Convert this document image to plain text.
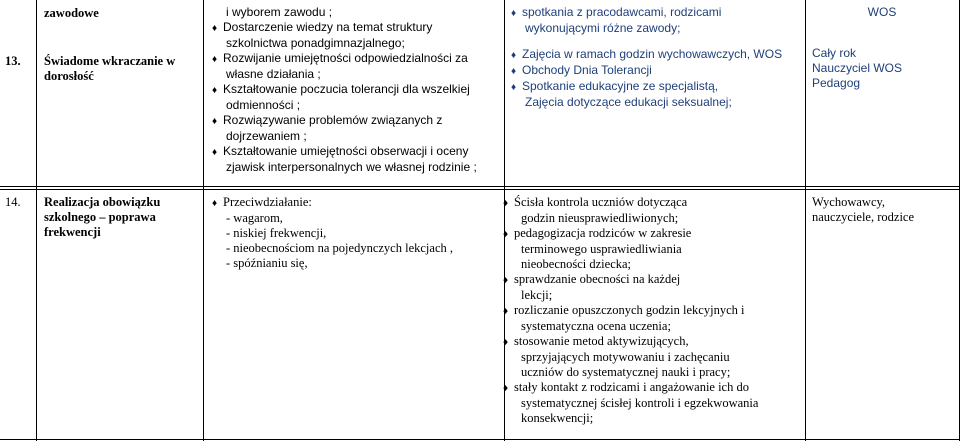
13.
zawodowe
Świadome wkraczanie w
dorosłość
i wyborem zawodu ;
♦ Dostarczenie wiedzy na temat struktury
szkolnictwa ponadgimnazjalnego;
♦ Rozwijanie umiejętności odpowiedzialności za
własne działania ;
♦ Kształtowanie poczucia tolerancji dla wszelkiej
odmienności ;
♦ Rozwiązywanie problemów związanych z
dojrzewaniem ;
♦ Kształtowanie umiejętności obserwacji i oceny
zjawisk interpersonalnych we własnej rodzinie ;
♦ spotkania z pracodawcami, rodzicami
wykonującymi różne zawody;
♦ Zajęcia w ramach godzin wychowawczych, WOS
♦ Obchody Dnia Tolerancji
♦ Spotkanie edukacyjne ze specjalistą,
Zajęcia dotyczące edukacji seksualnej;
WOS
Cały rok
Nauczyciel WOS
Pedagog
14. Realizacja obowiązku
szkolnego – poprawa
frekwencji
♦ Przeciwdziałanie:
- wagarom,
- niskiej frekwencji,
- nieobecnościom na pojedynczych lekcjach ,
- spóźnianiu się,
♦ Ścisła kontrola uczniów dotycząca
godzin nieusprawiedliwionych;
♦ pedagogizacja rodziców w zakresie
terminowego usprawiedliwiania
nieobecności dziecka;
♦ sprawdzanie obecności na każdej
lekcji;
♦ rozliczanie opuszczonych godzin lekcyjnych i
systematyczna ocena uczenia;
♦ stosowanie metod aktywizujących,
sprzyjających motywowaniu i zachęcaniu
uczniów do systematycznej nauki i pracy;
♦ stały kontakt z rodzicami i angażowanie ich do
systematycznej ścisłej kontroli i egzekwowania
konsekwencji;
Wychowawcy,
nauczyciele, rodzice
